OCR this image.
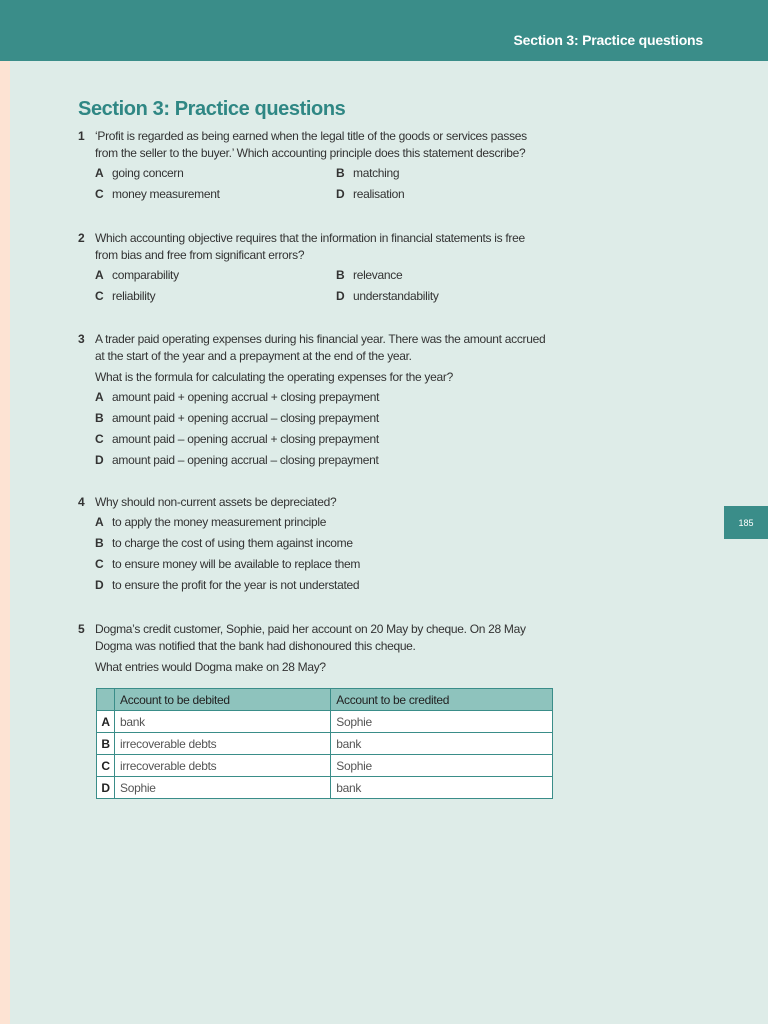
Section 3: Practice questions
185
Section 3: Practice questions
1 ‘Profit is regarded as being earned when the legal title of the goods or services passes

from the seller to the buyer.’ Which accounting principle does this statement describe?

A going concern	B matching
C money measurement	D realisation
2 Which accounting objective requires that the information in financial statements is free

from bias and free from significant errors?

A comparability	B relevance
C reliability	D understandability
3 A trader paid operating expenses during his financial year. There was the amount accrued

at the start of the year and a prepayment at the end of the year.

What is the formula for calculating the operating expenses for the year?

A amount paid + opening accrual + closing prepayment
B amount paid + opening accrual – closing prepayment
C amount paid – opening accrual + closing prepayment
D amount paid – opening accrual – closing prepayment
4 Why should non-current assets be depreciated?

A to apply the money measurement principle
B to charge the cost of using them against income
C to ensure money will be available to replace them
D to ensure the profit for the year is not understated
5 Dogma’s credit customer, Sophie, paid her account on 20 May by cheque. On 28 May

Dogma was notified that the bank had dishonoured this cheque.

What entries would Dogma make on 28 May?

	Account to be debited	Account to be credited
A	bank	Sophie
B	irrecoverable debts	bank
C	irrecoverable debts	Sophie
D	Sophie	bank
